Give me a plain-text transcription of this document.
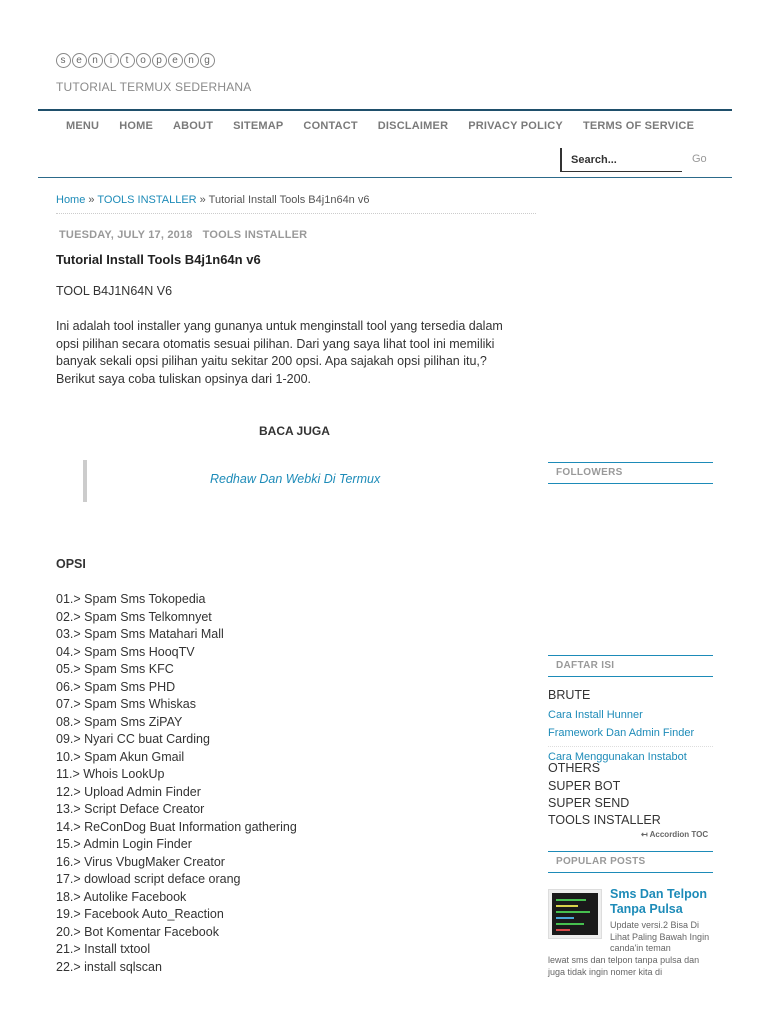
s e n	i	t	o p e n g
TUTORIAL TERMUX SEDERHANA
MENU HOME ABOUT SITEMAP CONTACT DISCLAIMER PRIVACY POLICY TERMS OF SERVICE
Search...	Go
Home » TOOLS INSTALLER » Tutorial Install Tools B4j1n64n v6
TUESDAY, JULY 17, 2018 TOOLS INSTALLER
Tutorial Install Tools B4j1n64n v6
TOOL B4J1N64N V6
Ini adalah tool installer yang gunanya untuk menginstall tool yang tersedia dalam opsi pilihan secara otomatis sesuai pilihan. Dari yang saya lihat tool ini memiliki banyak sekali opsi pilihan yaitu sekitar 200 opsi. Apa sajakah opsi pilihan itu,? Berikut saya coba tuliskan opsinya dari 1-200.
BACA JUGA
Redhaw Dan Webki Di Termux
OPSI
01.> Spam Sms Tokopedia
02.> Spam Sms Telkomnyet
03.> Spam Sms Matahari Mall
04.> Spam Sms HooqTV
05.> Spam Sms KFC
06.> Spam Sms PHD
07.> Spam Sms Whiskas
08.> Spam Sms ZiPAY
09.> Nyari CC buat Carding
10.> Spam Akun Gmail
11.> Whois LookUp
12.> Upload Admin Finder
13.> Script Deface Creator
14.> ReConDog Buat Information gathering
15.> Admin Login Finder
16.> Virus VbugMaker Creator
17.> dowload script deface orang
18.> Autolike Facebook
19.> Facebook Auto_Reaction
20.> Bot Komentar Facebook
21.> Install txtool
22.> install sqlscan
FOLLOWERS
DAFTAR ISI
BRUTE
Cara Install Hunner
Framework Dan Admin Finder
Cara Menggunakan Instabot
OTHERS
SUPER BOT
SUPER SEND
TOOLS INSTALLER
↤ Accordion TOC
POPULAR POSTS
Sms Dan Telpon Tanpa Pulsa
Update versi.2 Bisa Di Lihat Paling Bawah Ingin canda'in teman
lewat sms dan telpon tanpa pulsa dan juga tidak ingin nomer kita di
